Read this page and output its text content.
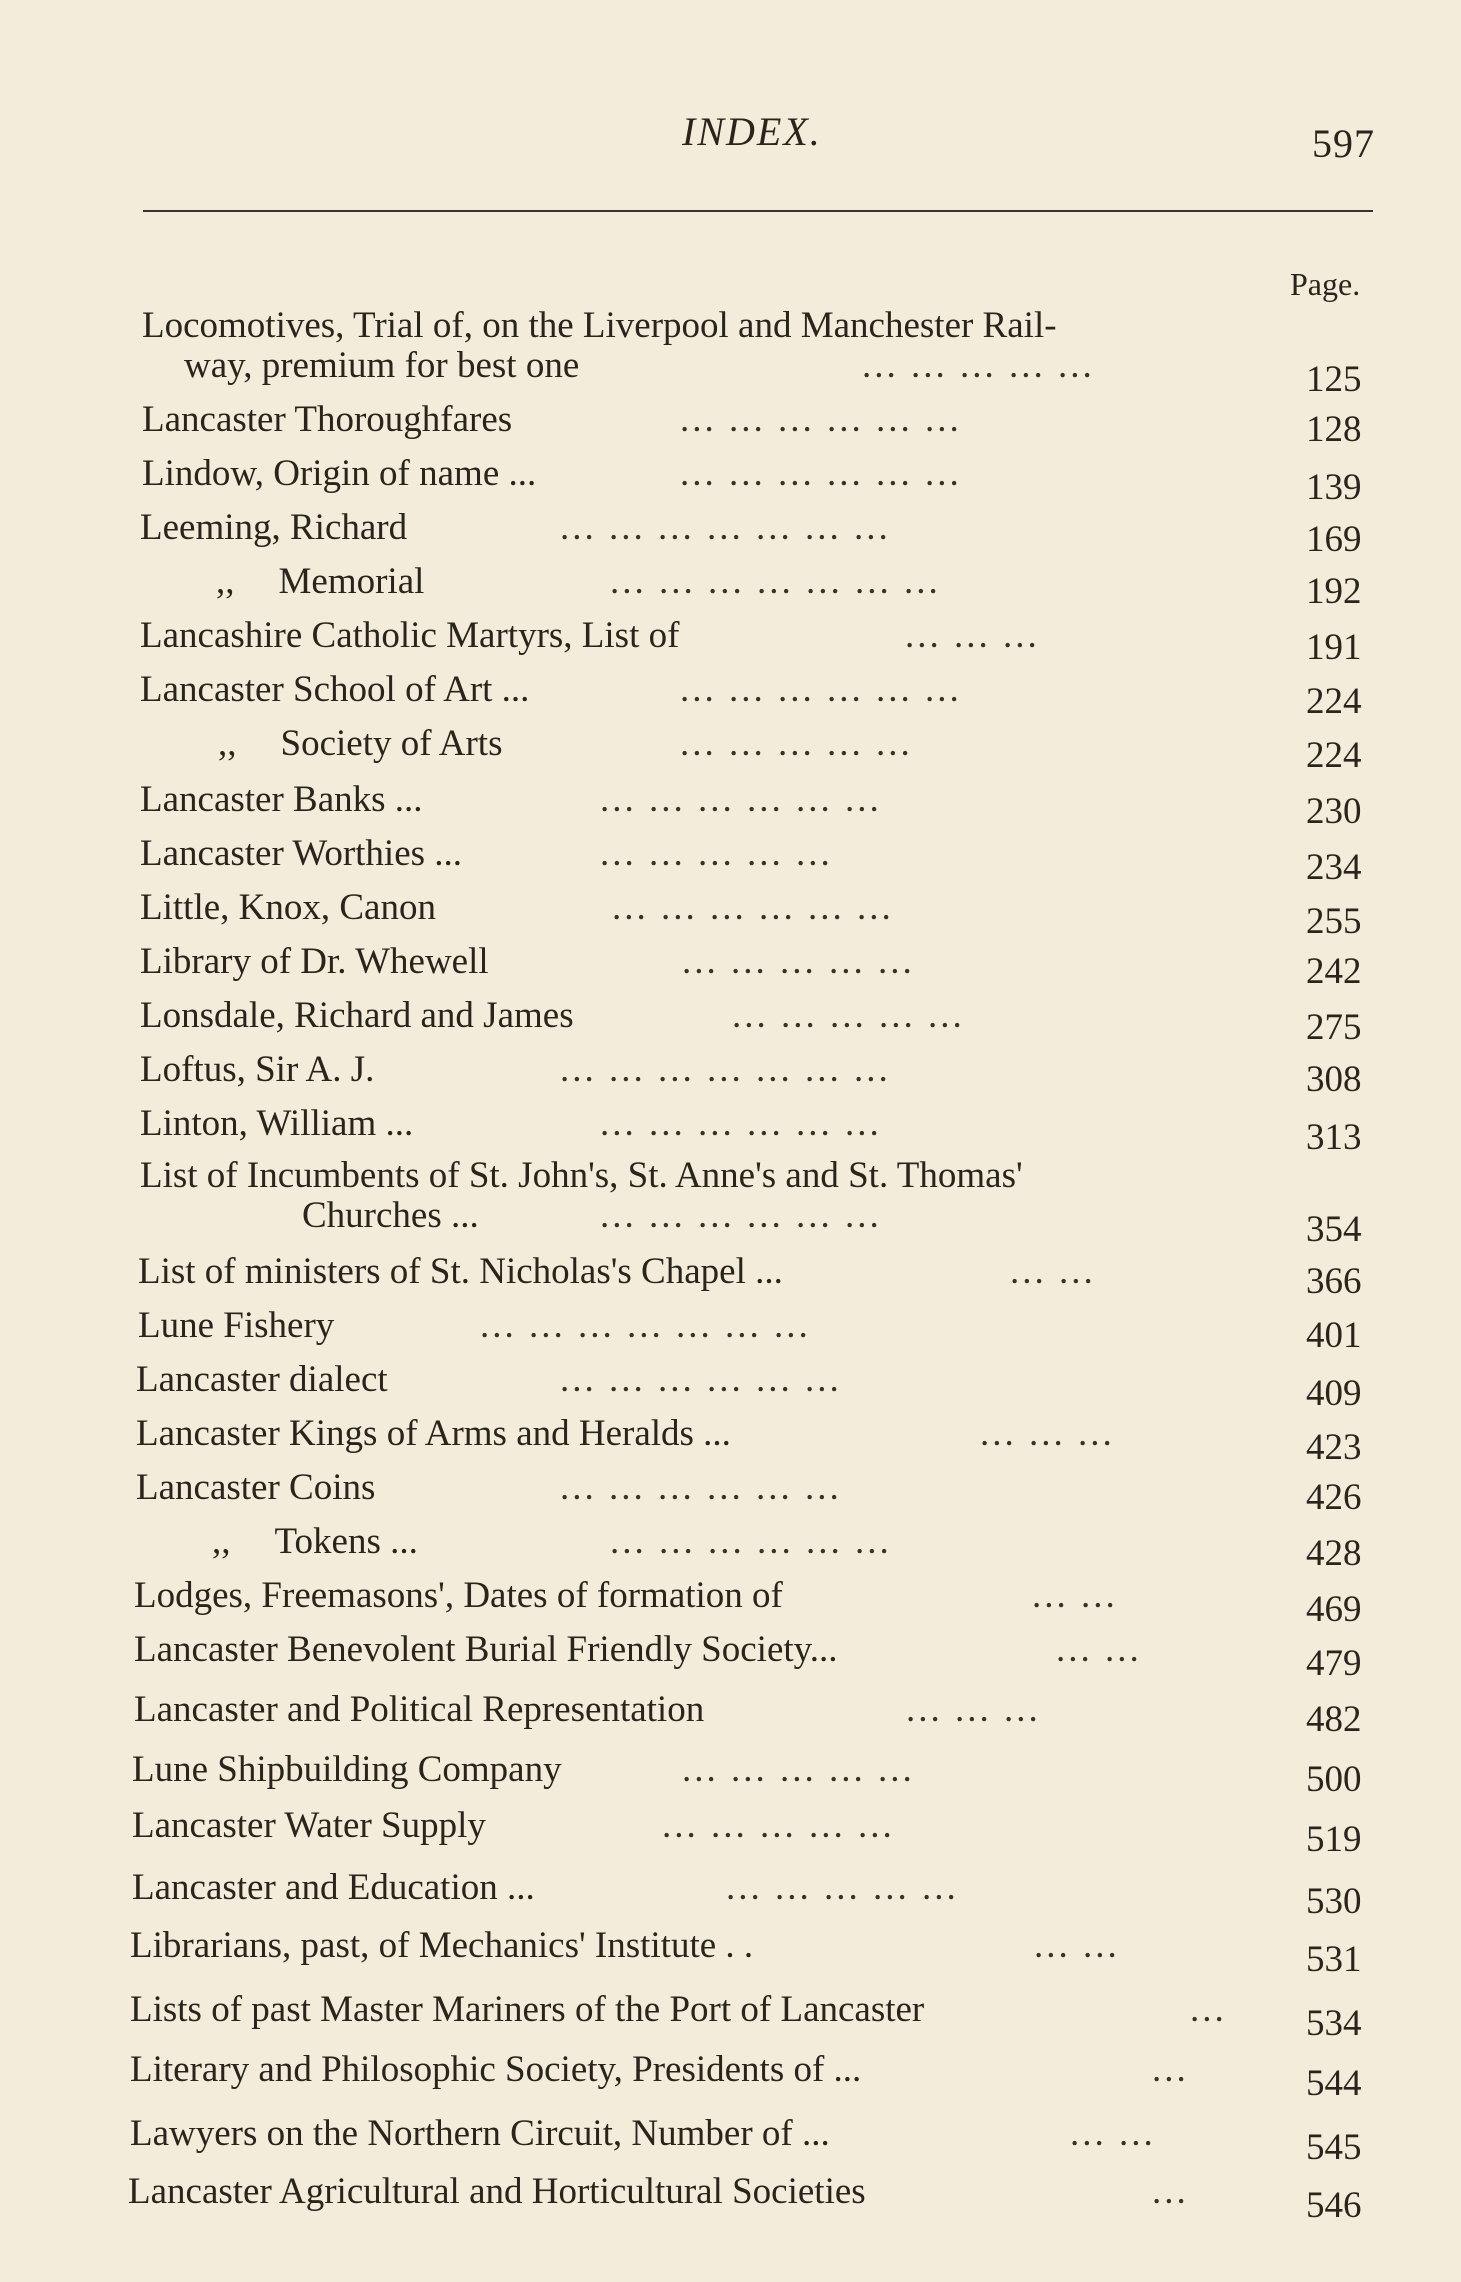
INDEX.	597
Page.
Locomotives, Trial of, on the Liverpool and Manchester Rail-
way, premium for best one	... ... ... ... ...	125
Lancaster Thoroughfares	... ... ... ... ... ...	128
Lindow, Origin of name ...	... ... ... ... ... ...	139
Leeming, Richard	... ... ... ... ... ... ...	169
,, Memorial	... ... ... ... ... ... ...	192
Lancashire Catholic Martyrs, List of	... ... ...	191
Lancaster School of Art ...	... ... ... ... ... ...	224
,, Society of Arts	... ... ... ... ...	224
Lancaster Banks ...	... ... ... ... ... ...	230
Lancaster Worthies ...	... ... ... ... ...	234
Little, Knox, Canon	... ... ... ... ... ...	255
Library of Dr. Whewell	... ... ... ... ...	242
Lonsdale, Richard and James	... ... ... ... ...	275
Loftus, Sir A. J.	... ... ... ... ... ... ...	308
Linton, William ...	... ... ... ... ... ...	313
List of Incumbents of St. John's, St. Anne's and St. Thomas'
Churches ...	... ... ... ... ... ...	354
List of ministers of St. Nicholas's Chapel ...	... ...	366
Lune Fishery	... ... ... ... ... ... ...	401
Lancaster dialect	... ... ... ... ... ...	409
Lancaster Kings of Arms and Heralds ...	... ... ...	423
Lancaster Coins	... ... ... ... ... ...	426
,, Tokens ...	... ... ... ... ... ...	428
Lodges, Freemasons', Dates of formation of	... ...	469
Lancaster Benevolent Burial Friendly Society...	... ...	479
Lancaster and Political Representation	... ... ...	482
Lune Shipbuilding Company	... ... ... ... ...	500
Lancaster Water Supply	... ... ... ... ...	519
Lancaster and Education ...	... ... ... ... ...	530
Librarians, past, of Mechanics' Institute . .	... ...	531
Lists of past Master Mariners of the Port of Lancaster	... 534
Literary and Philosophic Society, Presidents of ...	...	544
Lawyers on the Northern Circuit, Number of ...	... ...	545
Lancaster Agricultural and Horticultural Societies	...	546
